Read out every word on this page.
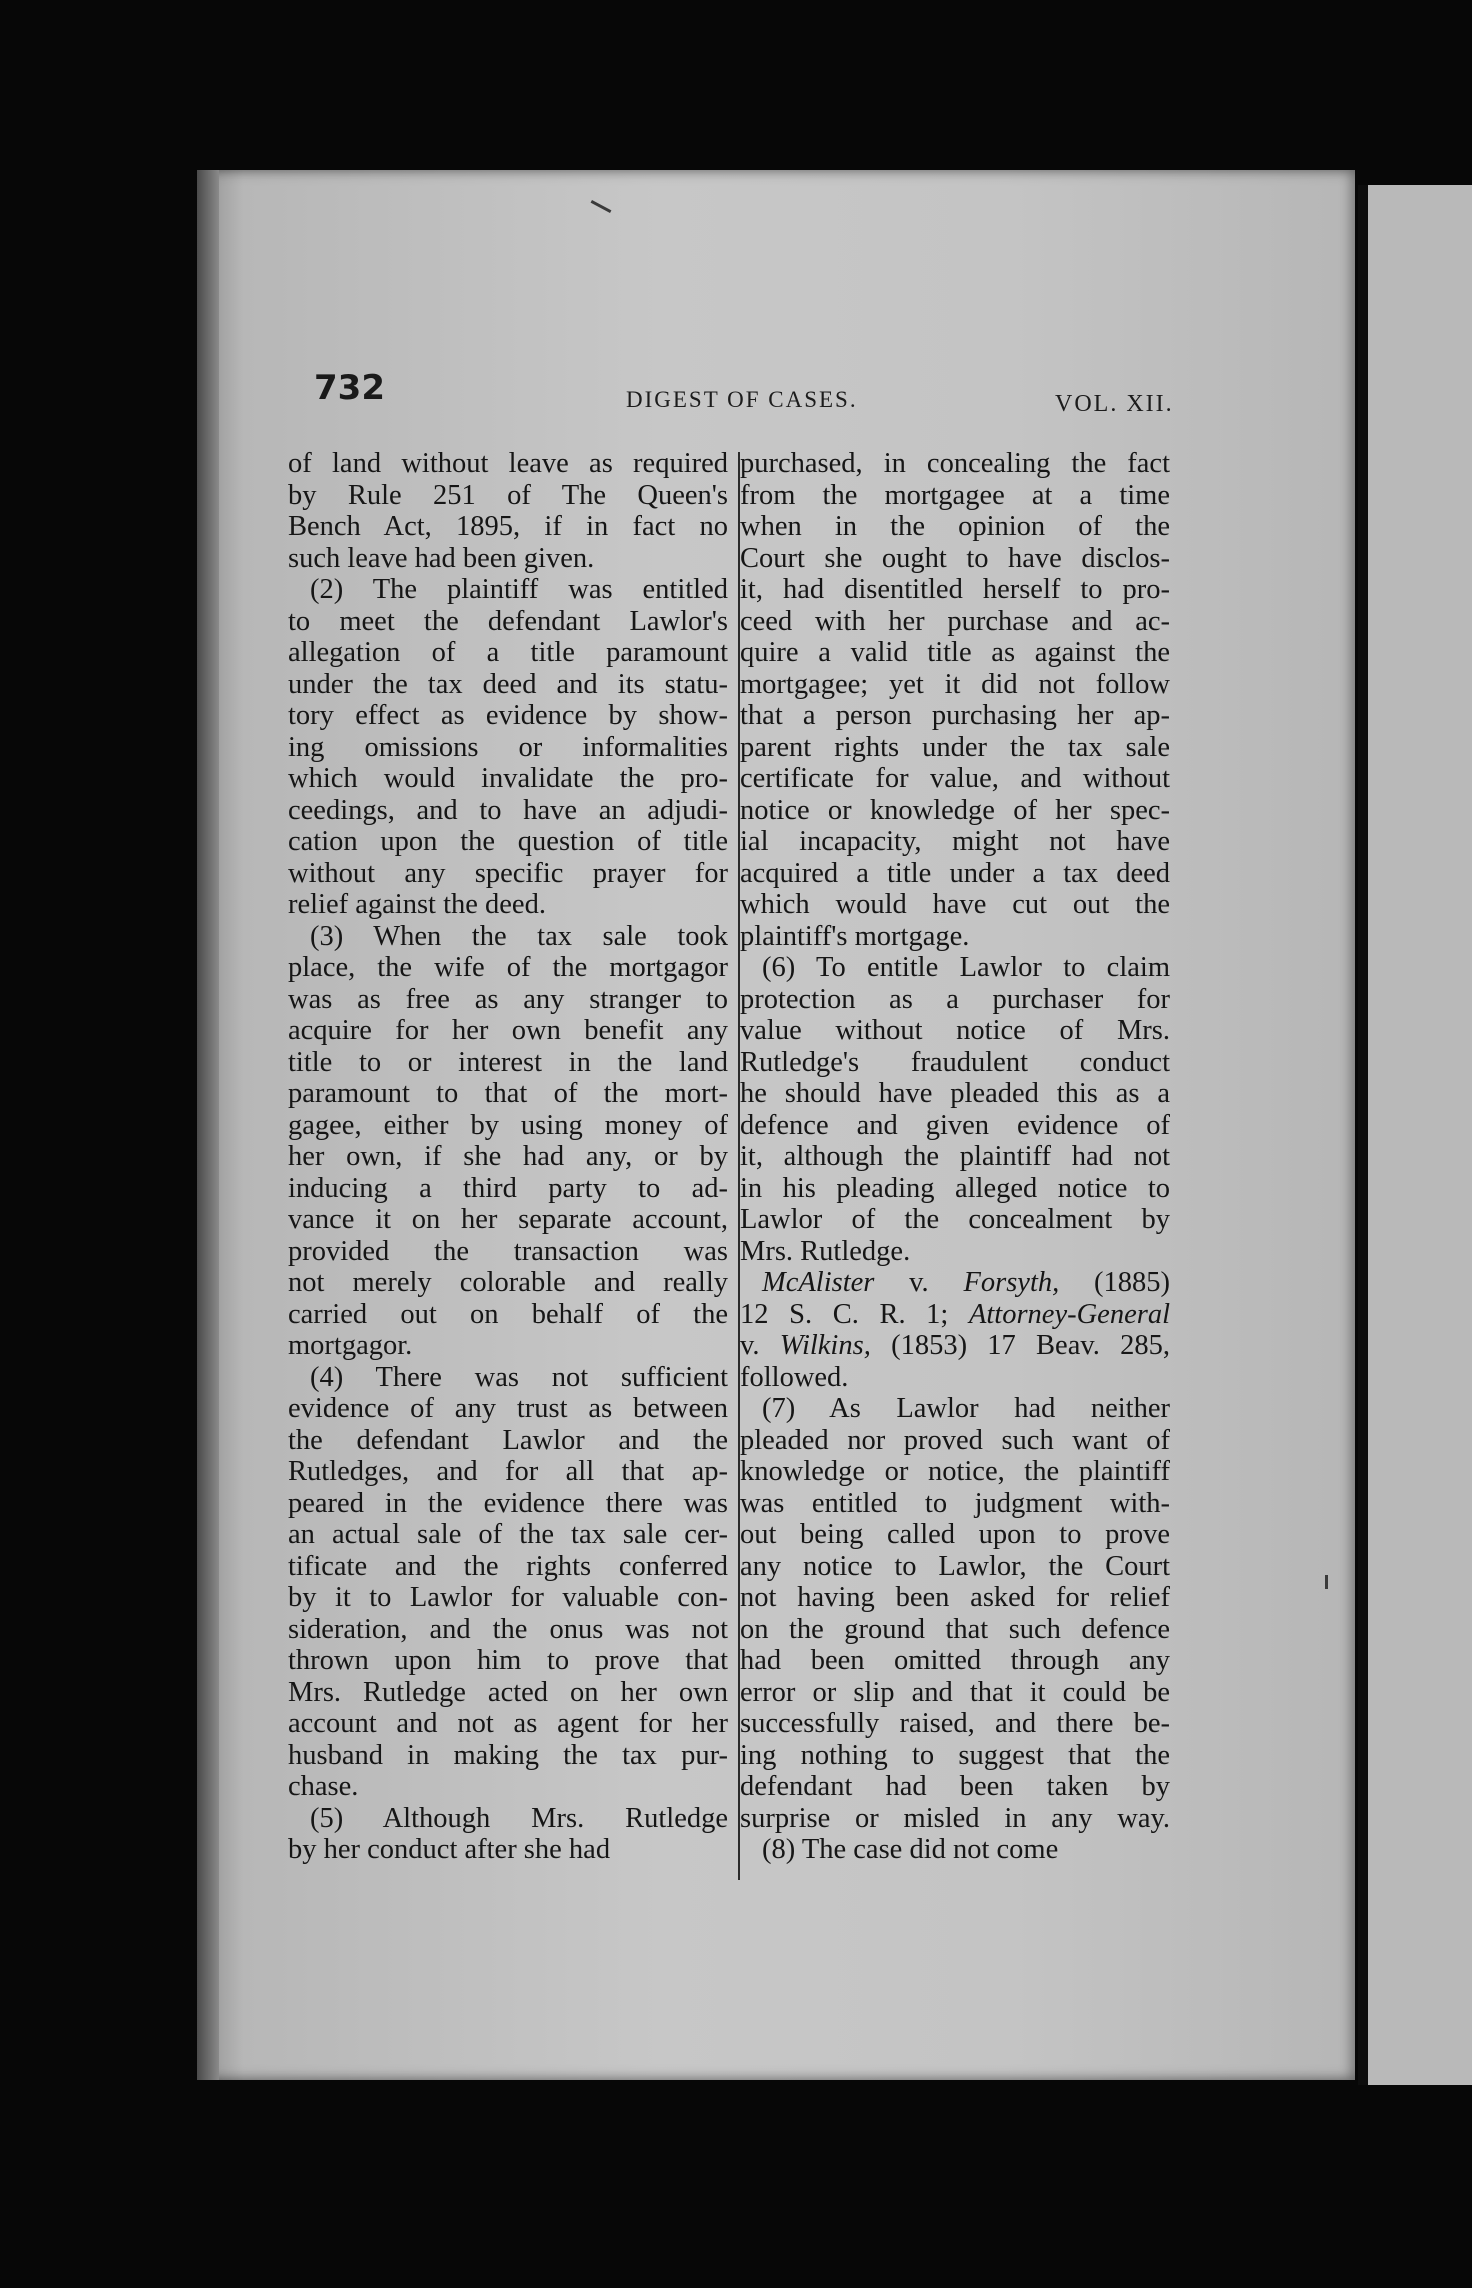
732	DIGEST OF CASES.	VOL. XII.
of land without leave as required
by Rule 251 of The Queen's
Bench Act, 1895, if in fact no
such leave had been given.
(2) The plaintiff was entitled
to meet the defendant Lawlor's
allegation of a title paramount
under the tax deed and its statu-
tory effect as evidence by show-
ing omissions or informalities
which would invalidate the pro-
ceedings, and to have an adjudi-
cation upon the question of title
without any specific prayer for
relief against the deed.
(3) When the tax sale took
place, the wife of the mortgagor
was as free as any stranger to
acquire for her own benefit any
title to or interest in the land
paramount to that of the mort-
gagee, either by using money of
her own, if she had any, or by
inducing a third party to ad-
vance it on her separate account,
provided the transaction was
not merely colorable and really
carried out on behalf of the
mortgagor.
(4) There was not sufficient
evidence of any trust as between
the defendant Lawlor and the
Rutledges, and for all that ap-
peared in the evidence there was
an actual sale of the tax sale cer-
tificate and the rights conferred
by it to Lawlor for valuable con-
sideration, and the onus was not
thrown upon him to prove that
Mrs. Rutledge acted on her own
account and not as agent for her
husband in making the tax pur-
chase.
(5) Although Mrs. Rutledge
by her conduct after she had
purchased, in concealing the fact
from the mortgagee at a time
when in the opinion of the
Court she ought to have disclos-
it, had disentitled herself to pro-
ceed with her purchase and ac-
quire a valid title as against the
mortgagee; yet it did not follow
that a person purchasing her ap-
parent rights under the tax sale
certificate for value, and without
notice or knowledge of her spec-
ial incapacity, might not have
acquired a title under a tax deed
which would have cut out the
plaintiff's mortgage.
(6) To entitle Lawlor to claim
protection as a purchaser for
value without notice of Mrs.
Rutledge's fraudulent conduct
he should have pleaded this as a
defence and given evidence of
it, although the plaintiff had not
in his pleading alleged notice to
Lawlor of the concealment by
Mrs. Rutledge.
McAlister v. Forsyth, (1885)
12 S. C. R. 1; Attorney-General
v. Wilkins, (1853) 17 Beav. 285,
followed.
(7) As Lawlor had neither
pleaded nor proved such want of
knowledge or notice, the plaintiff
was entitled to judgment with-
out being called upon to prove
any notice to Lawlor, the Court
not having been asked for relief
on the ground that such defence
had been omitted through any
error or slip and that it could be
successfully raised, and there be-
ing nothing to suggest that the
defendant had been taken by
surprise or misled in any way.
(8) The case did not come
